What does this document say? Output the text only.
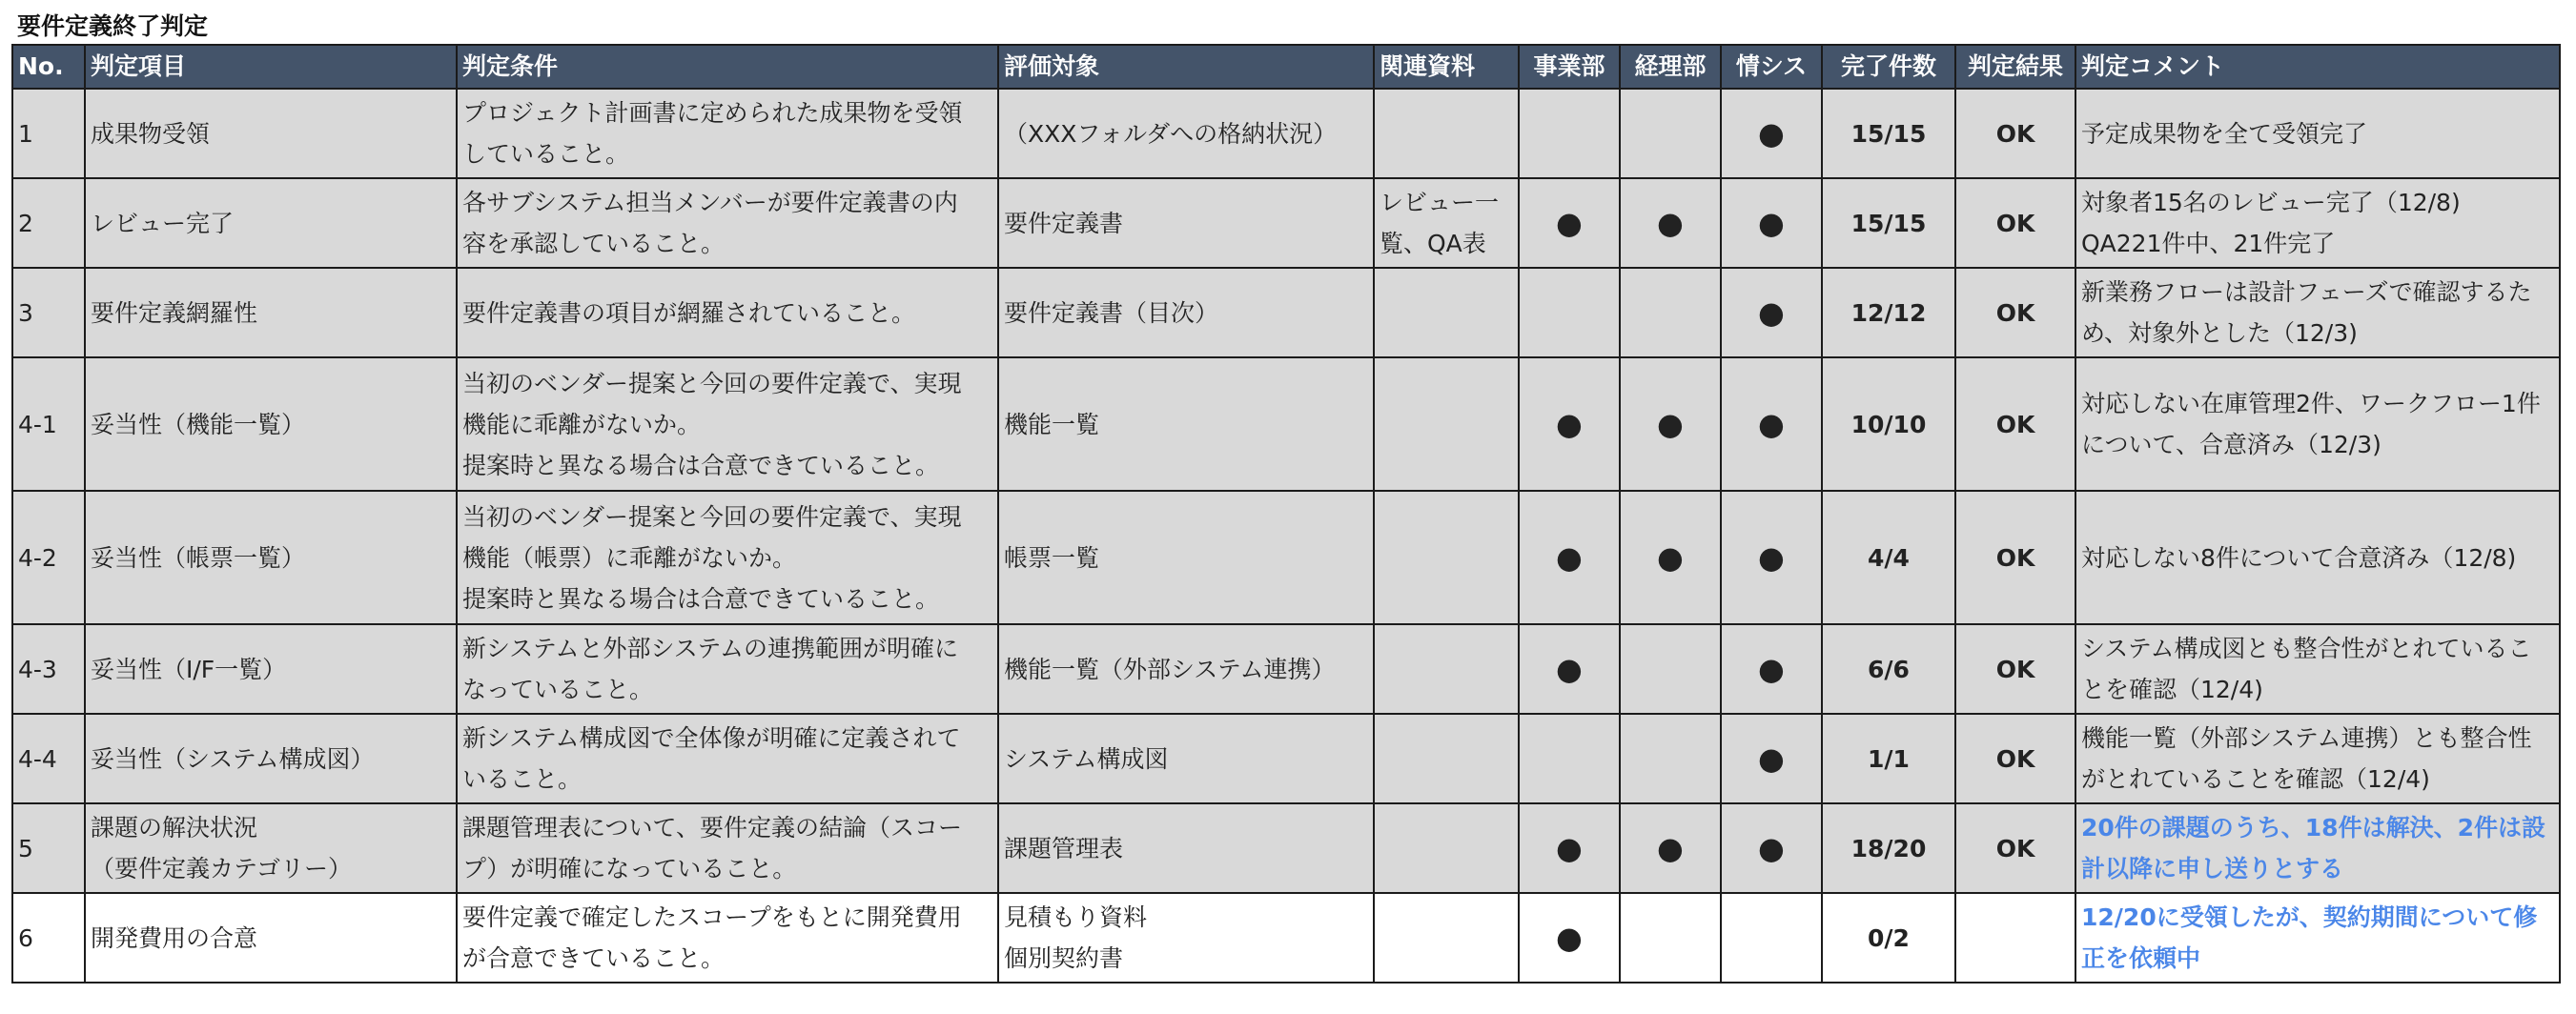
要件定義終了判定
No.	判定項目	判定条件	評価対象	関連資料	事業部	経理部	情シス	完了件数	判定結果	判定コメント
1	成果物受領	プロジェクト計画書に定められた成果物を受領
していること。	（XXXフォルダへの格納状況）				●	15/15	OK	予定成果物を全て受領完了

2	レビュー完了	各サブシステム担当メンバーが要件定義書の内
容を承認していること。	要件定義書	レビュー一
覧、QA表	●	●	●	15/15	OK	対象者15名のレビュー完了（12/8)
QA221件中、21件完了

3	要件定義網羅性	要件定義書の項目が網羅されていること。	要件定義書（目次）				●	12/12	OK	新業務フローは設計フェーズで確認するた
め、対象外とした（12/3)

4-1	妥当性（機能一覧）	当初のベンダー提案と今回の要件定義で、実現
機能に乖離がないか。
提案時と異なる場合は合意できていること。	機能一覧		●	●	●	10/10	OK	対応しない在庫管理2件、ワークフロー1件
について、合意済み（12/3)

4-2	妥当性（帳票一覧）	当初のベンダー提案と今回の要件定義で、実現
機能（帳票）に乖離がないか。
提案時と異なる場合は合意できていること。	帳票一覧		●	●	●	4/4	OK	対応しない8件について合意済み（12/8)

4-3	妥当性（I/F一覧）	新システムと外部システムの連携範囲が明確に
なっていること。	機能一覧（外部システム連携）		●		●	6/6	OK	システム構成図とも整合性がとれているこ
とを確認（12/4)

4-4	妥当性（システム構成図）	新システム構成図で全体像が明確に定義されて
いること。	システム構成図				●	1/1	OK	機能一覧（外部システム連携）とも整合性
がとれていることを確認（12/4)

5	課題の解決状況
（要件定義カテゴリー）	課題管理表について、要件定義の結論（スコー
プ）が明確になっていること。	課題管理表		●	●	●	18/20	OK	20件の課題のうち、18件は解決、2件は設
計以降に申し送りとする

6	開発費用の合意	要件定義で確定したスコープをもとに開発費用
が合意できていること。	見積もり資料
個別契約書		●			0/2		12/20に受領したが、契約期間について修
正を依頼中
